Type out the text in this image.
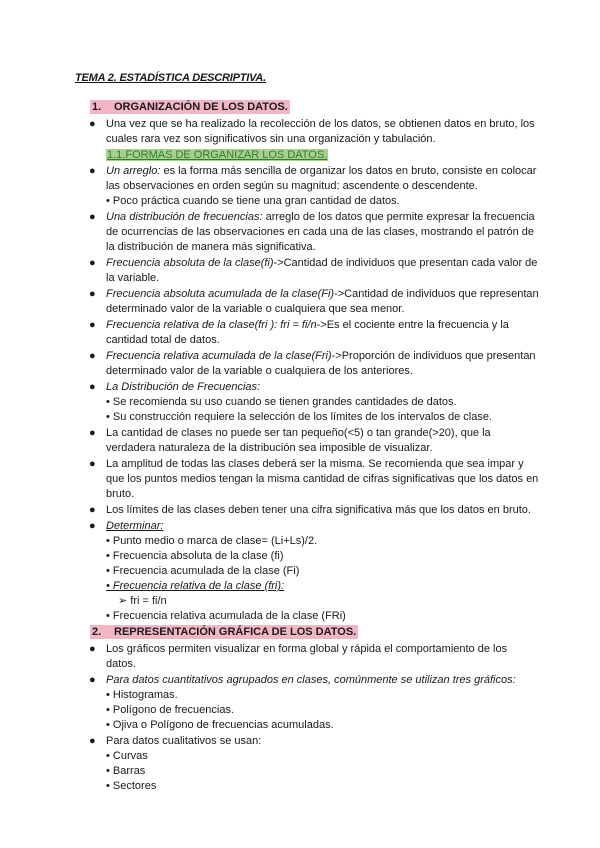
TEMA 2. ESTADÍSTICA DESCRIPTIVA.
1.	ORGANIZACIÓN DE LOS DATOS.
● Una vez que se ha realizado la recolección de los datos, se obtienen datos en bruto, los cuales rara vez son significativos sin una organización y tabulación.
1.1.FORMAS DE ORGANIZAR LOS DATOS.
● Un arreglo: es la forma más sencilla de organizar los datos en bruto, consiste en colocar las observaciones en orden según su magnitud: ascendente o descendente.
• Poco práctica cuando se tiene una gran cantidad de datos.
● Una distribución de frecuencias: arreglo de los datos que permite expresar la frecuencia de ocurrencias de las observaciones en cada una de las clases, mostrando el patrón de la distribución de manera más significativa.
● Frecuencia absoluta de la clase(fi)->Cantidad de individuos que presentan cada valor de la variable.
● Frecuencia absoluta acumulada de la clase(Fi)->Cantidad de individuos que representan determinado valor de la variable o cualquiera que sea menor.
● Frecuencia relativa de la clase(fri ): fri = fi/n->Es el cociente entre la frecuencia y la cantidad total de datos.
● Frecuencia relativa acumulada de la clase(Fri)->Proporción de individuos que presentan determinado valor de la variable o cualquiera de los anteriores.
● La Distribución de Frecuencias:
• Se recomienda su uso cuando se tienen grandes cantidades de datos.
• Su construcción requiere la selección de los límites de los intervalos de clase.
● La cantidad de clases no puede ser tan pequeño(<5) o tan grande(>20), que la verdadera naturaleza de la distribución sea imposible de visualizar.
● La amplitud de todas las clases deberá ser la misma. Se recomienda que sea impar y que los puntos medios tengan la misma cantidad de cifras significativas que los datos en bruto.
● Los límites de las clases deben tener una cifra significativa más que los datos en bruto.
● Determinar:
• Punto medio o marca de clase= (Li+Ls)/2.
• Frecuencia absoluta de la clase (fi)
• Frecuencia acumulada de la clase (Fi)
• Frecuencia relativa de la clase (fri):
➢ fri = fi/n
• Frecuencia relativa acumulada de la clase (FRi)
2.	REPRESENTACIÓN GRÁFICA DE LOS DATOS.
● Los gráficos permiten visualizar en forma global y rápida el comportamiento de los datos.
● Para datos cuantitativos agrupados en clases, comúnmente se utilizan tres gráficos:
• Histogramas.
• Polígono de frecuencias.
• Ojiva o Polígono de frecuencias acumuladas.
● Para datos cualitativos se usan:
• Curvas
• Barras
• Sectores
